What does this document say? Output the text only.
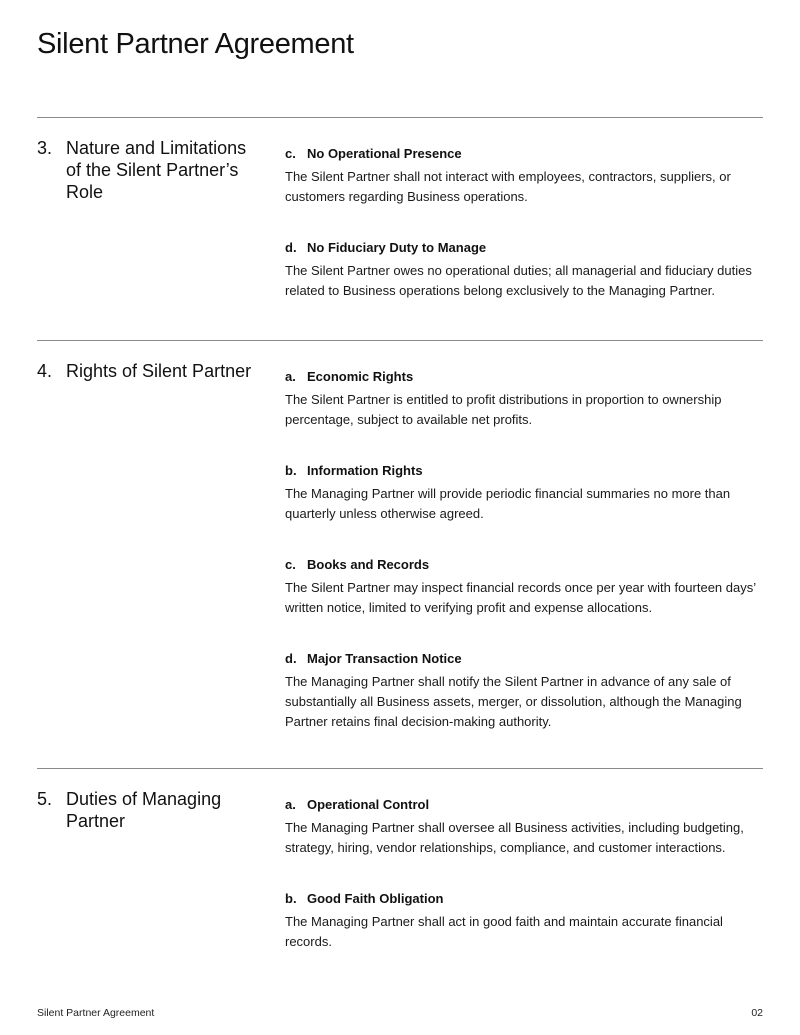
Silent Partner Agreement
3. Nature and Limitations of the Silent Partner’s Role
c. No Operational Presence
The Silent Partner shall not interact with employees, contractors, suppliers, or customers regarding Business operations.
d. No Fiduciary Duty to Manage
The Silent Partner owes no operational duties; all managerial and fiduciary duties related to Business operations belong exclusively to the Managing Partner.
4. Rights of Silent Partner	a. Economic Rights
The Silent Partner is entitled to profit distributions in proportion to ownership percentage, subject to available net profits.
b. Information Rights
The Managing Partner will provide periodic financial summaries no more than quarterly unless otherwise agreed.
c. Books and Records
The Silent Partner may inspect financial records once per year with fourteen days’ written notice, limited to verifying profit and expense allocations.
d. Major Transaction Notice
The Managing Partner shall notify the Silent Partner in advance of any sale of substantially all Business assets, merger, or dissolution, although the Managing Partner retains final decision-making authority.
5. Duties of Managing Partner
a. Operational Control
The Managing Partner shall oversee all Business activities, including budgeting, strategy, hiring, vendor relationships, compliance, and customer interactions.
b. Good Faith Obligation
The Managing Partner shall act in good faith and maintain accurate financial records.
Silent Partner Agreement	02
